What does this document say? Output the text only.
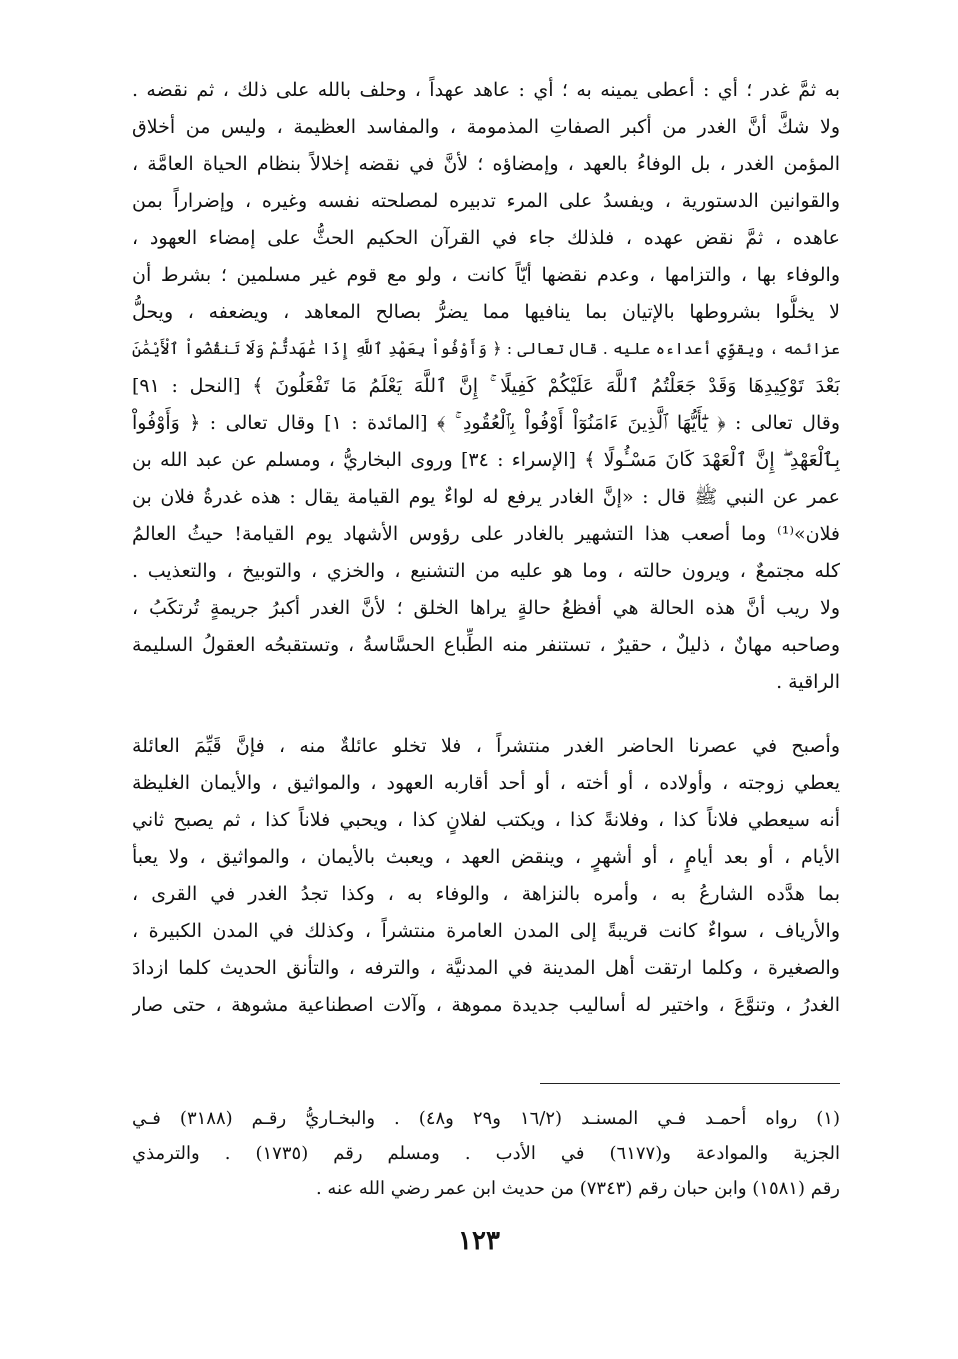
به ثمَّ غدر ؛ أي : أعطى يمينه به ؛ أي : عاهد عهداً ، وحلف بالله على ذلك ، ثم نقضه .
ولا شكَّ أنَّ الغدر من أكبر الصفاتِ المذمومة ، والمفاسد العظيمة ، وليس من أخلاق
المؤمن الغدر ، بل الوفاءُ بالعهد ، وإمضاؤه ؛ لأنَّ في نقضه إخلالاً بنظام الحياة العامَّة ،
والقوانين الدستورية ، ويفسدُ على المرء تدبيره لمصلحته نفسه وغيره ، وإضراراً بمن
عاهده ، ثمَّ نقض عهده ، فلذلك جاء في القرآن الحكيم الحثُّ على إمضاء العهود ،
والوفاء بها ، والتزامها ، وعدم نقضها أيّاً كانت ، ولو مع قوم غير مسلمين ؛ بشرط أن
لا يخلُّوا بشروطها بالإتيان بما ينافيها مما يضرُّ بصالح المعاهد ، ويضعفه ، ويحلُّ
عزائمه ، ويقوِّي أعداءه عليه . قال تعالى : ﴿ وَأَوْفُواْ بِعَهْدِ ٱللَّهِ إِذَا عَٰهَدتُّمْ وَلَا تَنقُضُواْ ٱلْأَيْمَٰنَ
بَعْدَ تَوْكِيدِهَا وَقَدْ جَعَلْتُمُ ٱللَّهَ عَلَيْكُمْ كَفِيلًا ۚ إِنَّ ٱللَّهَ يَعْلَمُ مَا تَفْعَلُونَ ﴾ [النحل : ٩١]
وقال تعالى : ﴿ يَٰٓأَيُّهَا ٱلَّذِينَ ءَامَنُوٓاْ أَوْفُواْ بِٱلْعُقُودِ ۚ ﴾ [المائدة : ١] وقال تعالى : ﴿ وَأَوْفُواْ
بِٱلْعَهْدِ ۖ إِنَّ ٱلْعَهْدَ كَانَ مَسْـُٔولًا ﴾ [الإسراء : ٣٤] وروى البخاريُّ ، ومسلم عن عبد الله بن
عمر عن النبي ﷺ قال : «إنَّ الغادر يرفع له لواءٌ يوم القيامة يقال : هذه غدرةُ فلان بن
فلان»⁽¹⁾ وما أصعب هذا التشهير بالغادر على رؤوس الأشهاد يوم القيامة! حيثُ العالمُ
كله مجتمعٌ ، ويرون حالته ، وما هو عليه من التشنيع ، والخزي ، والتوبيخ ، والتعذيب .
ولا ريب أنَّ هذه الحالة هي أفظعُ حالةٍ يراها الخلق ؛ لأنَّ الغدر أكبرُ جريمةٍ تُرتكَبُ ،
وصاحبه مهانٌ ، ذليلٌ ، حقيرٌ ، تستنفر منه الطِّباع الحسَّاسةُ ، وتستقبحُه العقولُ السليمة
الراقية .
وأصبح في عصرنا الحاضر الغدر منتشراً ، فلا تخلو عائلةٌ منه ، فإنَّ قَيِّمَ العائلة
يعطي زوجته ، وأولاده ، أو أخته ، أو أحد أقاربه العهود ، والمواثيق ، والأيمان الغليظة
أنه سيعطي فلاناً كذا ، وفلانةً كذا ، ويكتب لفلانٍ كذا ، ويحبي فلاناً كذا ، ثم يصبح ثاني
الأيام ، أو بعد أيامٍ ، أو أشهرٍ ، وينقض العهد ، ويعبث بالأيمان ، والمواثيق ، ولا يعبأ
بما هدَّده الشارعُ به ، وأمره بالنزاهة ، والوفاء به ، وكذا تجدُ الغدر في القرى ،
والأرياف ، سواءٌ كانت قريبةً إلى المدن العامرة منتشراً ، وكذلك في المدن الكبيرة ،
والصغيرة ، وكلما ارتقت أهل المدينة في المدنيَّة ، والترفه ، والتأنق الحديث كلما ازدادَ
الغدرُ ، وتنوَّعَ ، واختير له أساليب جديدة مموهة ، وآلات اصطناعية مشوهة ، حتى صار
(١) رواه أحمـد فـي المسنـد (١٦/٢ و٢٩ و٤٨) . والبخـاريُّ رقـم (٣١٨٨) فـي
الجزية والموادعة و(٦١٧٧) في الأدب . ومسلم رقم (١٧٣٥) . والترمذي
رقم (١٥٨١) وابن حبان رقم (٧٣٤٣) من حديث ابن عمر رضي الله عنه .
١٢٣
